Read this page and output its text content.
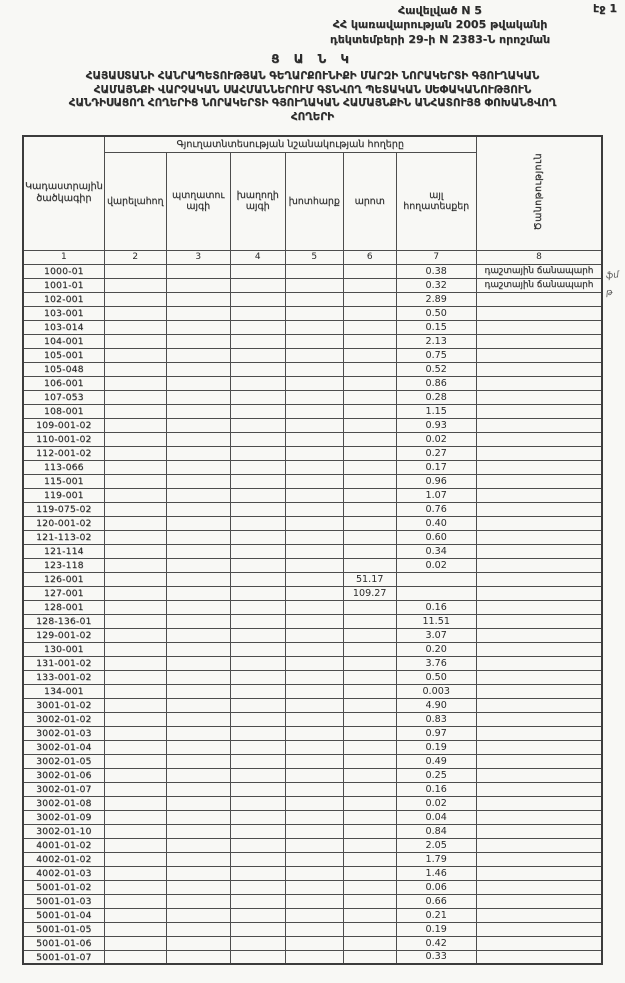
Հավելված N 5
ՀՀ կառավարության 2005 թվականի
դեկտեմբերի 29-ի N 2383-Ն որոշման
էջ 1
Ց Ա Ն Կ
ՀԱՅԱՍՏԱՆԻ ՀԱՆՐԱՊԵՏՈՒԹՅԱՆ ԳԵՂԱՐՔՈՒՆԻՔԻ ՄԱՐԶԻ ՆՈՐԱԿԵՐՏԻ ԳՅՈՒՂԱԿԱՆ
ՀԱՄԱՅՆՔԻ ՎԱՐՉԱԿԱՆ ՍԱՀՄԱՆՆԵՐՈՒՄ ԳՏՆՎՈՂ ՊԵՏԱԿԱՆ ՍԵՓԱԿԱՆՈՒԹՅՈՒՆ
ՀԱՆԴԻՍԱՑՈՂ ՀՈՂԵՐԻՑ ՆՈՐԱԿԵՐՏԻ ԳՅՈՒՂԱԿԱՆ ՀԱՄԱՅՆՔԻՆ ԱՆՀԱՏՈՒՅՑ ՓՈԽԱՆՑՎՈՂ
ՀՈՂԵՐԻ
Կադաստրային ծածկագիր	Գյուղատնտեսության նշանակության հողերը						Ծանոթություն
	վարելահող	պտղատու այգի	խաղողի այգի	խոտհարք	արոտ	այլ հողատեսքեր	
1	2	3	4	5	6	7	8
1000-01						0.38	դաշտային ճանապարհ
1001-01						0.32	դաշտային ճանապարհ
102-001						2.89	
103-001						0.50	
103-014						0.15	
104-001						2.13	
105-001						0.75	
105-048						0.52	
106-001						0.86	
107-053						0.28	
108-001						1.15	
109-001-02						0.93	
110-001-02						0.02	
112-001-02						0.27	
113-066						0.17	
115-001						0.96	
119-001						1.07	
119-075-02						0.76	
120-001-02						0.40	
121-113-02						0.60	
121-114						0.34	
123-118						0.02	
126-001					51.17		
127-001					109.27		
128-001						0.16	
128-136-01						11.51	
129-001-02						3.07	
130-001						0.20	
131-001-02						3.76	
133-001-02						0.50	
134-001						0.003	
3001-01-02						4.90	
3002-01-02						0.83	
3002-01-03						0.97	
3002-01-04						0.19	
3002-01-05						0.49	
3002-01-06						0.25	
3002-01-07						0.16	
3002-01-08						0.02	
3002-01-09						0.04	
3002-01-10						0.84	
4001-01-02						2.05	
4002-01-02						1.79	
4002-01-03						1.46	
5001-01-02						0.06	
5001-01-03						0.66	
5001-01-04						0.21	
5001-01-05						0.19	
5001-01-06						0.42	
5001-01-07						0.33	
ֆմ
թ
